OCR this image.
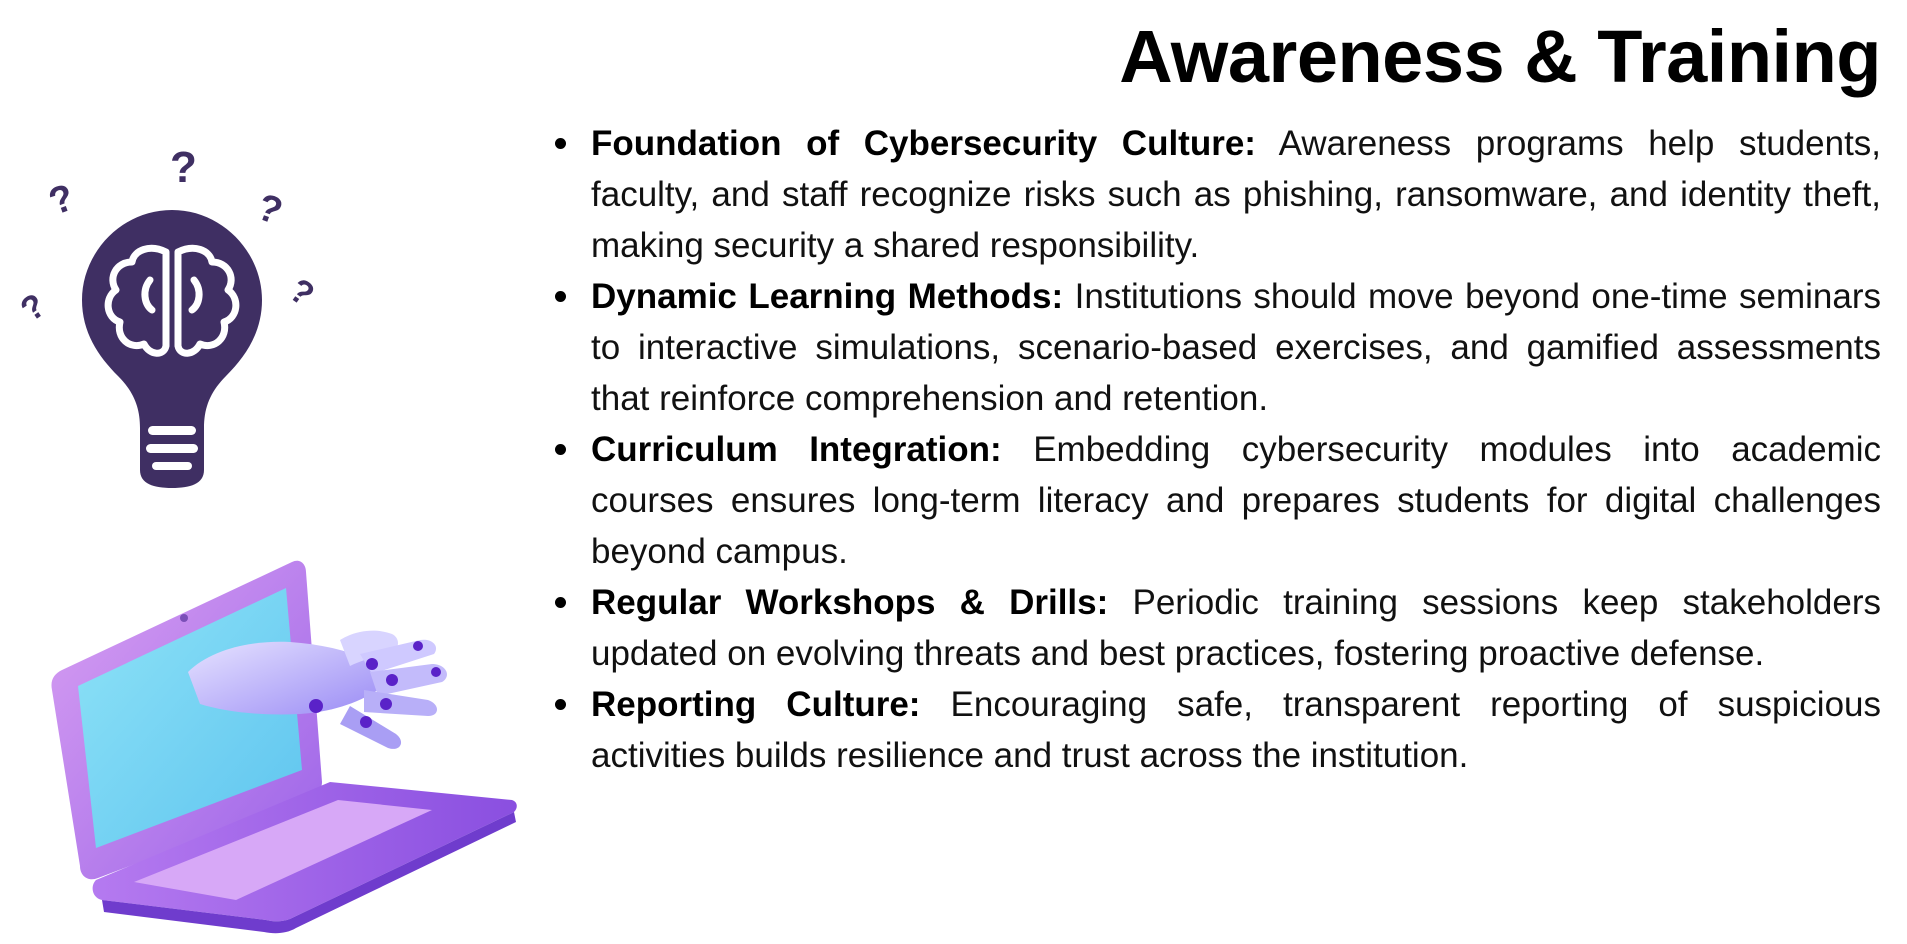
Awareness & Training
?
?	?
?	?
Foundation of Cybersecurity Culture: Awareness programs help students, faculty, and staff recognize risks such as phishing, ransomware, and identity theft, making security a shared responsibility.
Dynamic Learning Methods: Institutions should move beyond one-time seminars to interactive simulations, scenario-based exercises, and gamified assessments that reinforce comprehension and retention.
Curriculum Integration: Embedding cybersecurity modules into academic courses ensures long-term literacy and prepares students for digital challenges beyond campus.
Regular Workshops & Drills: Periodic training sessions keep stakeholders updated on evolving threats and best practices, fostering proactive defense.
Reporting Culture: Encouraging safe, transparent reporting of suspicious activities builds resilience and trust across the institution.
